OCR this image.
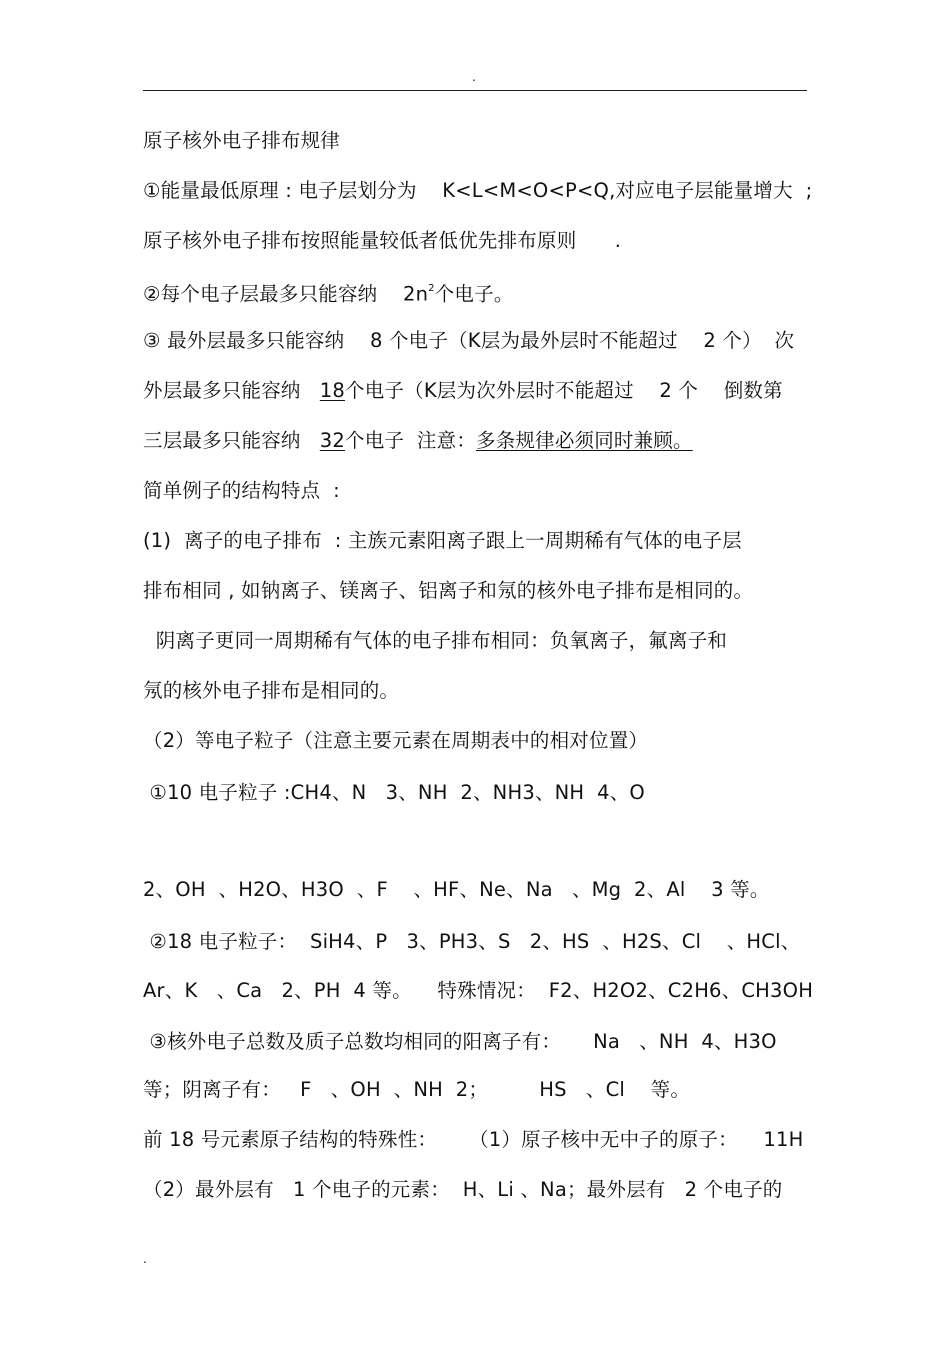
.
原子核外电子排布规律
①能量最低原理 : 电子层划分为    K<L<M<O<P<Q,对应电子层能量增大  ;
原子核外电子排布按照能量较低者低优先排布原则      .
②每个电子层最多只能容纳    $2n^2$个电子。
③ 最外层最多只能容纳    8 个电子（K层为最外层时不能超过    2 个）  次
外层最多只能容纳   18个电子（K层为次外层时不能超过    2 个    倒数第
三层最多只能容纳   32个电子  注意：多条规律必须同时兼顾。
简单例子的结构特点  :
(1)  离子的电子排布  : 主族元素阳离子跟上一周期稀有气体的电子层
排布相同 , 如钠离子、镁离子、铝离子和氖的核外电子排布是相同的。
阴离子更同一周期稀有气体的电子排布相同：负氧离子，氟离子和
氖的核外电子排布是相同的。
（2）等电子粒子（注意主要元素在周期表中的相对位置）
①10 电子粒子 :CH4、N   3、NH  2、NH3、NH  4、O
2、OH  、H2O、H3O  、F    、HF、Ne、Na   、Mg  2、Al    3 等。
②18 电子粒子：  SiH4、P   3、PH3、S   2、HS  、H2S、Cl    、HCl、
Ar、K   、Ca   2、PH  4 等。    特殊情况：  F2、H2O2、C2H6、CH3OH
③核外电子总数及质子总数均相同的阳离子有：     Na   、NH  4、H3O
等；阴离子有：   F   、OH  、NH  2；        HS   、Cl    等。
前 18 号元素原子结构的特殊性：     （1）原子核中无中子的原子：    11H
（2）最外层有   1 个电子的元素：  H、Li 、Na；最外层有   2 个电子的
.
